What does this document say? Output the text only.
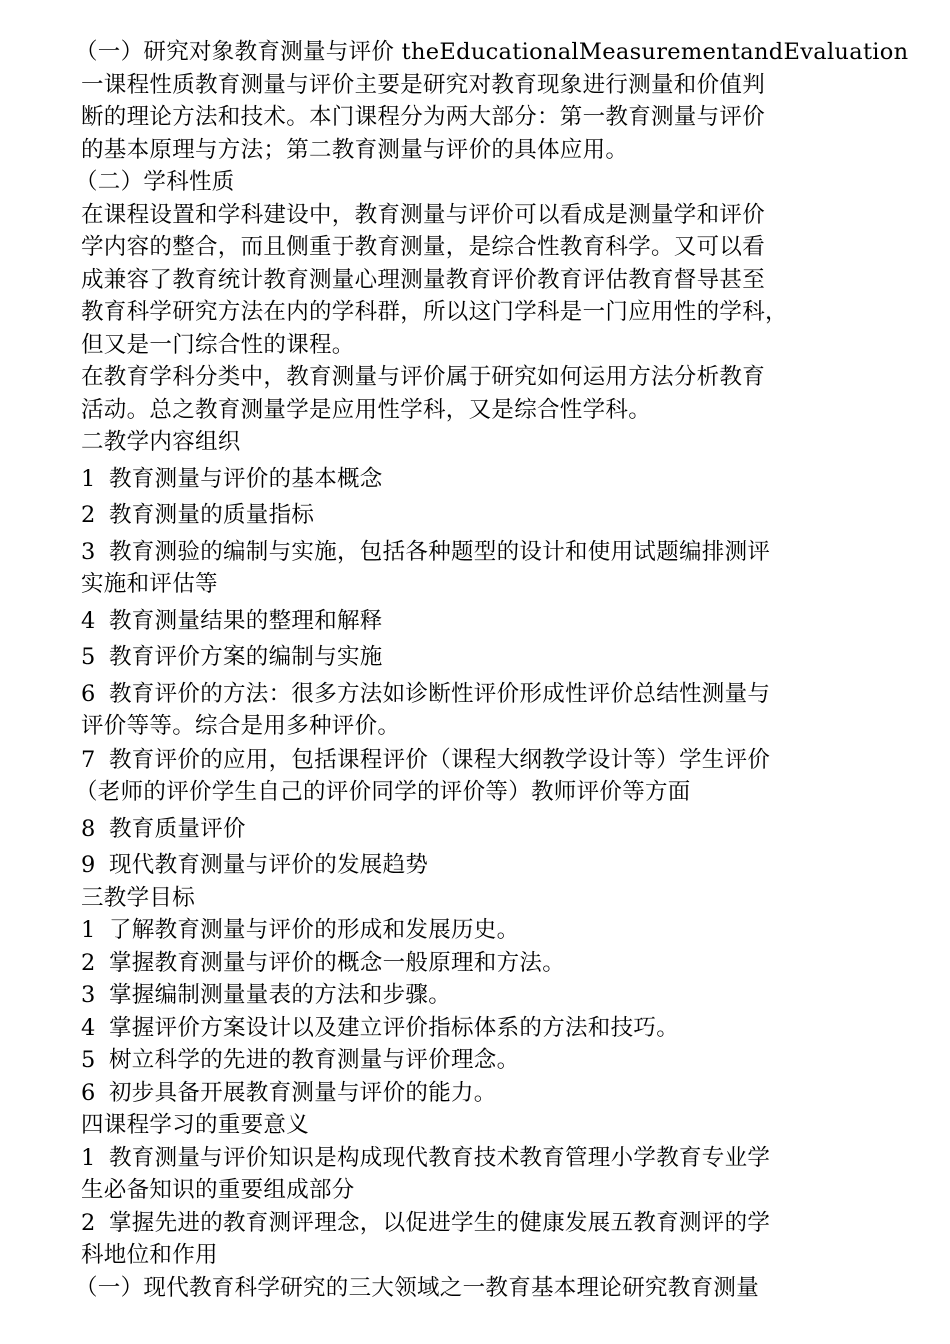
（一）研究对象教育测量与评价 theEducationalMeasurementandEvaluation
一课程性质教育测量与评价主要是研究对教育现象进行测量和价值判
断的理论方法和技术。本门课程分为两大部分：第一教育测量与评价
的基本原理与方法；第二教育测量与评价的具体应用。
（二）学科性质
在课程设置和学科建设中，教育测量与评价可以看成是测量学和评价
学内容的整合，而且侧重于教育测量，是综合性教育科学。又可以看
成兼容了教育统计教育测量心理测量教育评价教育评估教育督导甚至
教育科学研究方法在内的学科群，所以这门学科是一门应用性的学科，
但又是一门综合性的课程。
在教育学科分类中，教育测量与评价属于研究如何运用方法分析教育
活动。总之教育测量学是应用性学科，又是综合性学科。
二教学内容组织
1 教育测量与评价的基本概念
2 教育测量的质量指标
3 教育测验的编制与实施，包括各种题型的设计和使用试题编排测评
实施和评估等
4 教育测量结果的整理和解释
5 教育评价方案的编制与实施
6 教育评价的方法：很多方法如诊断性评价形成性评价总结性测量与
评价等等。综合是用多种评价。
7 教育评价的应用，包括课程评价（课程大纲教学设计等）学生评价
（老师的评价学生自己的评价同学的评价等）教师评价等方面
8 教育质量评价
9 现代教育测量与评价的发展趋势
三教学目标
1 了解教育测量与评价的形成和发展历史。
2 掌握教育测量与评价的概念一般原理和方法。
3 掌握编制测量量表的方法和步骤。
4 掌握评价方案设计以及建立评价指标体系的方法和技巧。
5 树立科学的先进的教育测量与评价理念。
6 初步具备开展教育测量与评价的能力。
四课程学习的重要意义
1 教育测量与评价知识是构成现代教育技术教育管理小学教育专业学
生必备知识的重要组成部分
2 掌握先进的教育测评理念，以促进学生的健康发展五教育测评的学
科地位和作用
（一）现代教育科学研究的三大领域之一教育基本理论研究教育测量
